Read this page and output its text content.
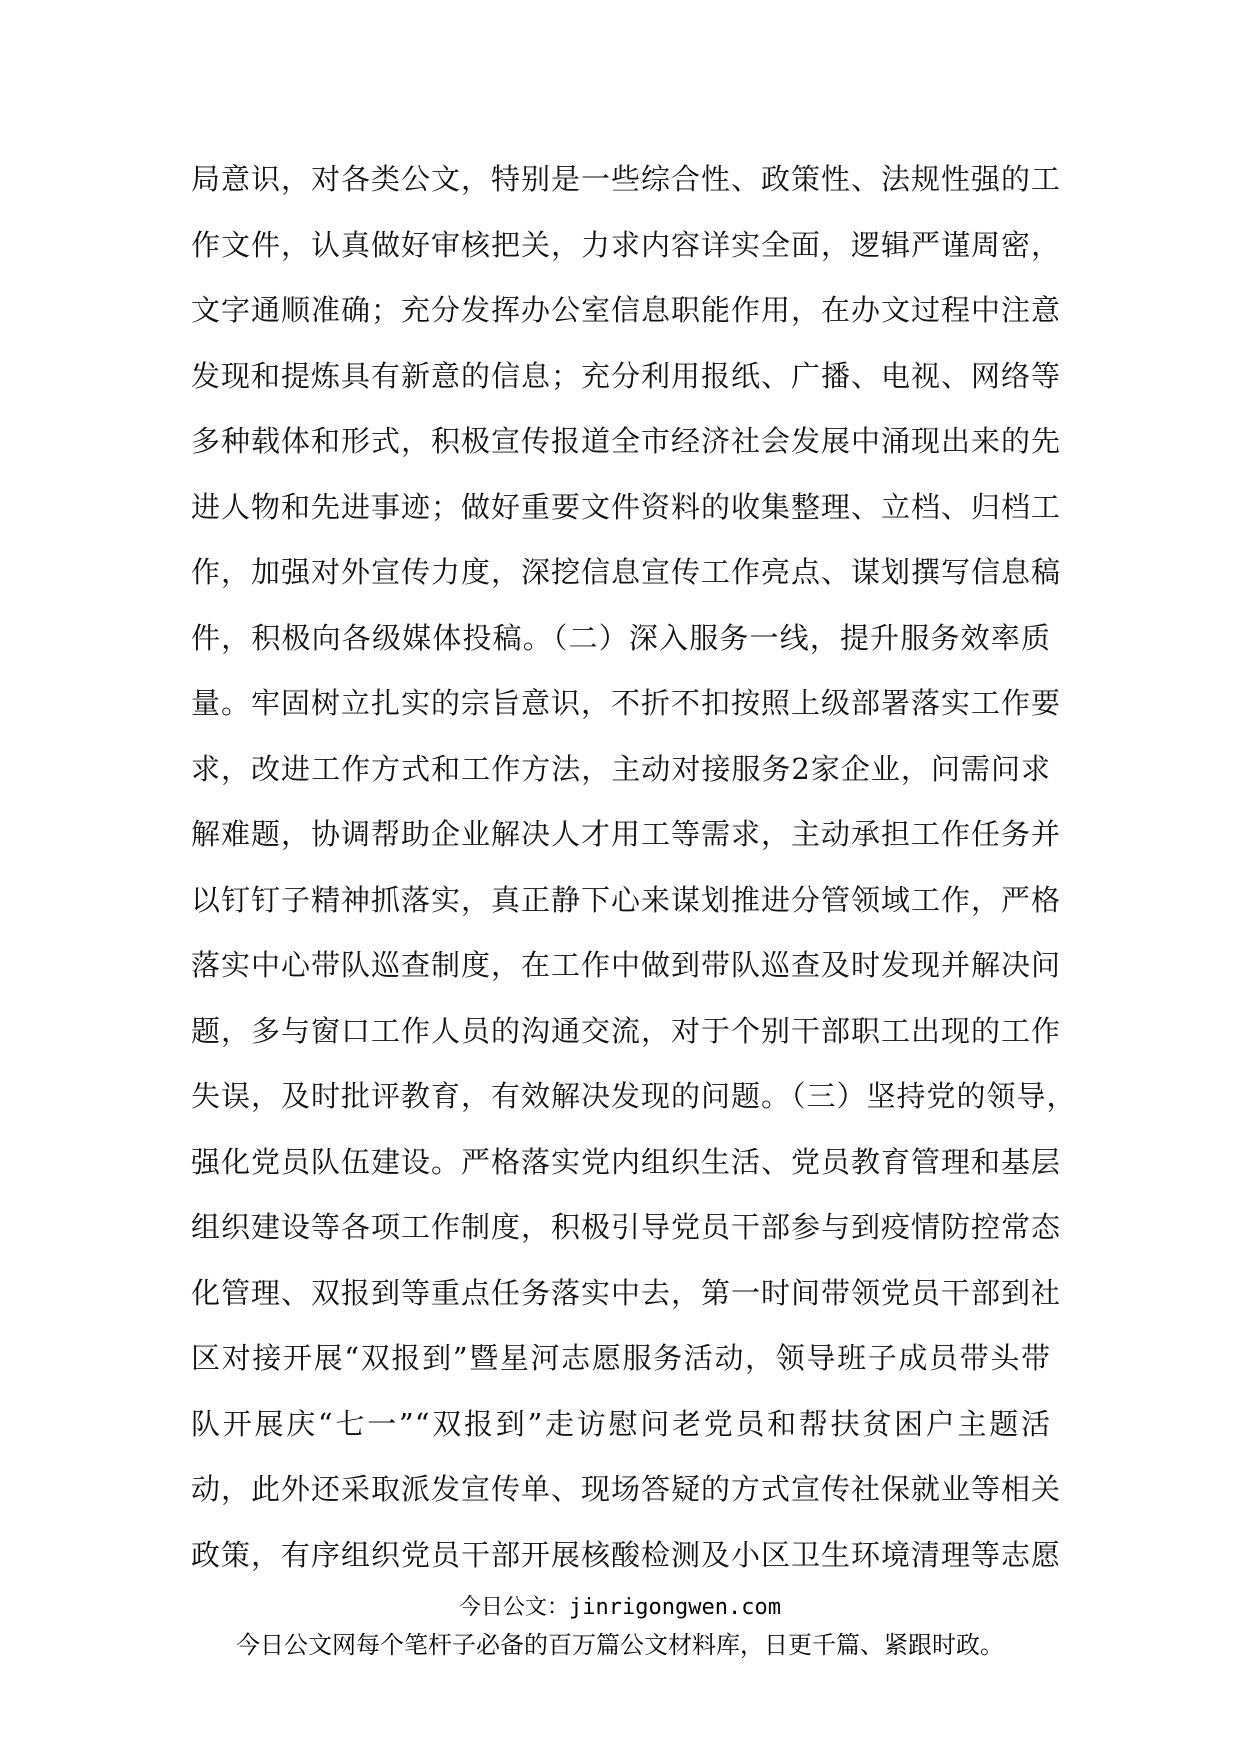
局意识，对各类公文，特别是一些综合性、政策性、法规性强的工
作文件，认真做好审核把关，力求内容详实全面，逻辑严谨周密，
文字通顺准确；充分发挥办公室信息职能作用，在办文过程中注意
发现和提炼具有新意的信息；充分利用报纸、广播、电视、网络等
多种载体和形式，积极宣传报道全市经济社会发展中涌现出来的先
进人物和先进事迹；做好重要文件资料的收集整理、立档、归档工
作，加强对外宣传力度，深挖信息宣传工作亮点、谋划撰写信息稿
件，积极向各级媒体投稿。（二）深入服务一线，提升服务效率质
量。牢固树立扎实的宗旨意识，不折不扣按照上级部署落实工作要
求，改进工作方式和工作方法，主动对接服务2家企业，问需问求
解难题，协调帮助企业解决人才用工等需求，主动承担工作任务并
以钉钉子精神抓落实，真正静下心来谋划推进分管领域工作，严格
落实中心带队巡查制度，在工作中做到带队巡查及时发现并解决问
题，多与窗口工作人员的沟通交流，对于个别干部职工出现的工作
失误，及时批评教育，有效解决发现的问题。（三）坚持党的领导，
强化党员队伍建设。严格落实党内组织生活、党员教育管理和基层
组织建设等各项工作制度，积极引导党员干部参与到疫情防控常态
化管理、双报到等重点任务落实中去，第一时间带领党员干部到社
区对接开展“双报到”暨星河志愿服务活动，领导班子成员带头带
队开展庆“七一”“双报到”走访慰问老党员和帮扶贫困户主题活
动，此外还采取派发宣传单、现场答疑的方式宣传社保就业等相关
政策，有序组织党员干部开展核酸检测及小区卫生环境清理等志愿
今日公文：jinrigongwen.com
今日公文网每个笔杆子必备的百万篇公文材料库，日更千篇、紧跟时政。
